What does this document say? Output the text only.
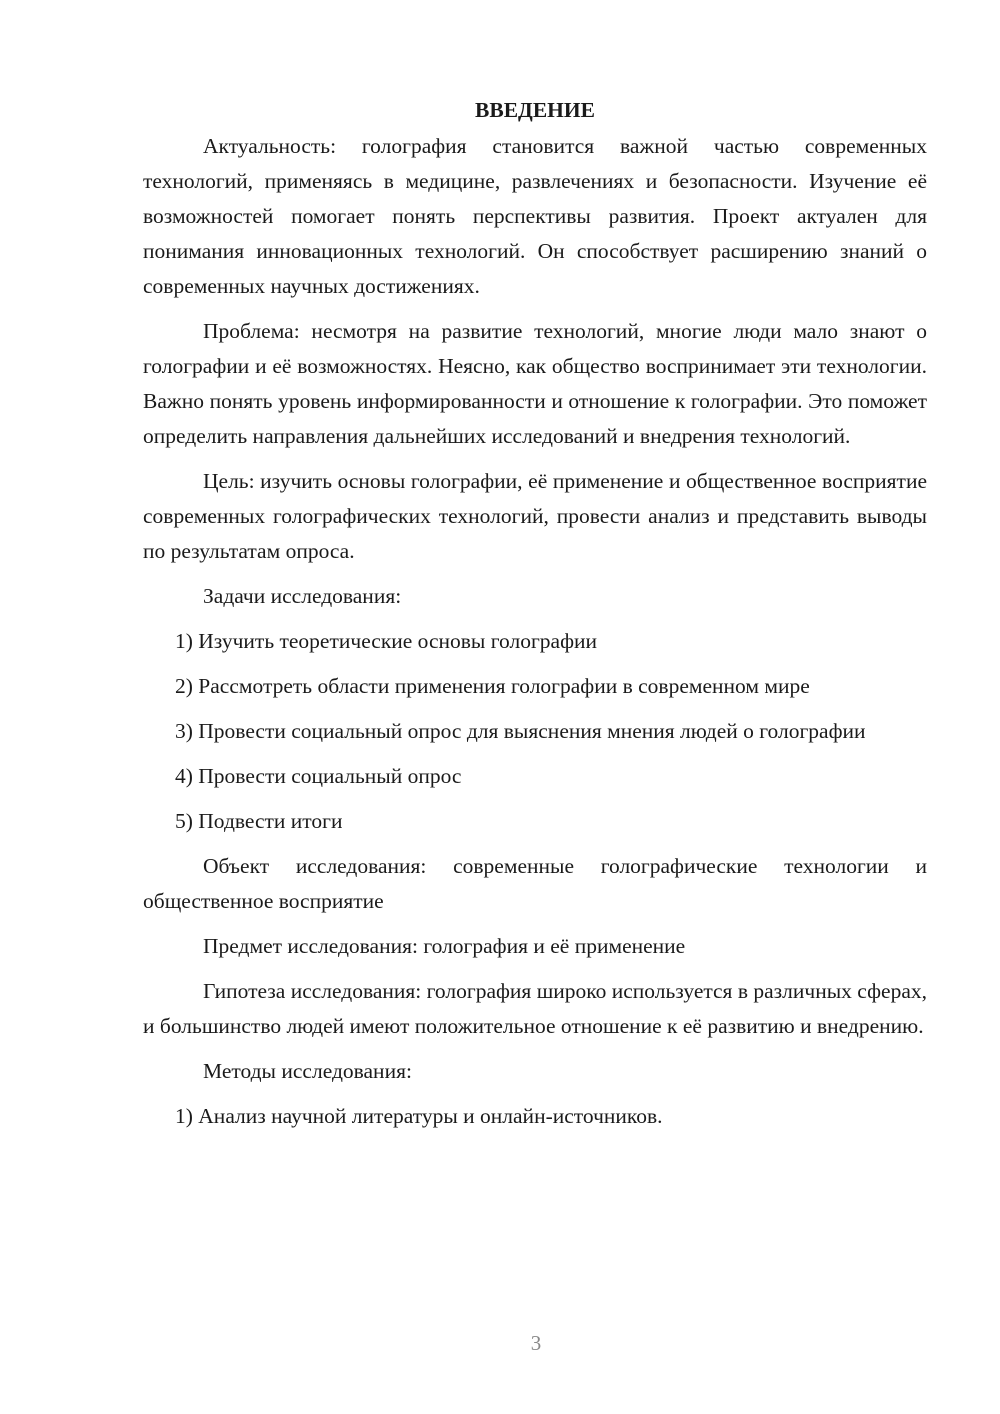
ВВЕДЕНИЕ

Актуальность: голография становится важной частью современных технологий, применяясь в медицине, развлечениях и безопасности. Изучение её возможностей помогает понять перспективы развития. Проект актуален для понимания инновационных технологий. Он способствует расширению знаний о современных научных достижениях.

Проблема: несмотря на развитие технологий, многие люди мало знают о голографии и её возможностях. Неясно, как общество воспринимает эти технологии. Важно понять уровень информированности и отношение к голографии. Это поможет определить направления дальнейших исследований и внедрения технологий.

Цель: изучить основы голографии, её применение и общественное восприятие современных голографических технологий, провести анализ и представить выводы по результатам опроса.

Задачи исследования:

1) Изучить теоретические основы голографии

2) Рассмотреть области применения голографии в современном мире

3) Провести социальный опрос для выяснения мнения людей о голографии

4) Провести социальный опрос

5) Подвести итоги

Объект исследования: современные голографические технологии и общественное восприятие

Предмет исследования: голография и её применение

Гипотеза исследования: голография широко используется в различных сферах, и большинство людей имеют положительное отношение к её развитию и внедрению.

Методы исследования:

1) Анализ научной литературы и онлайн-источников.

3
